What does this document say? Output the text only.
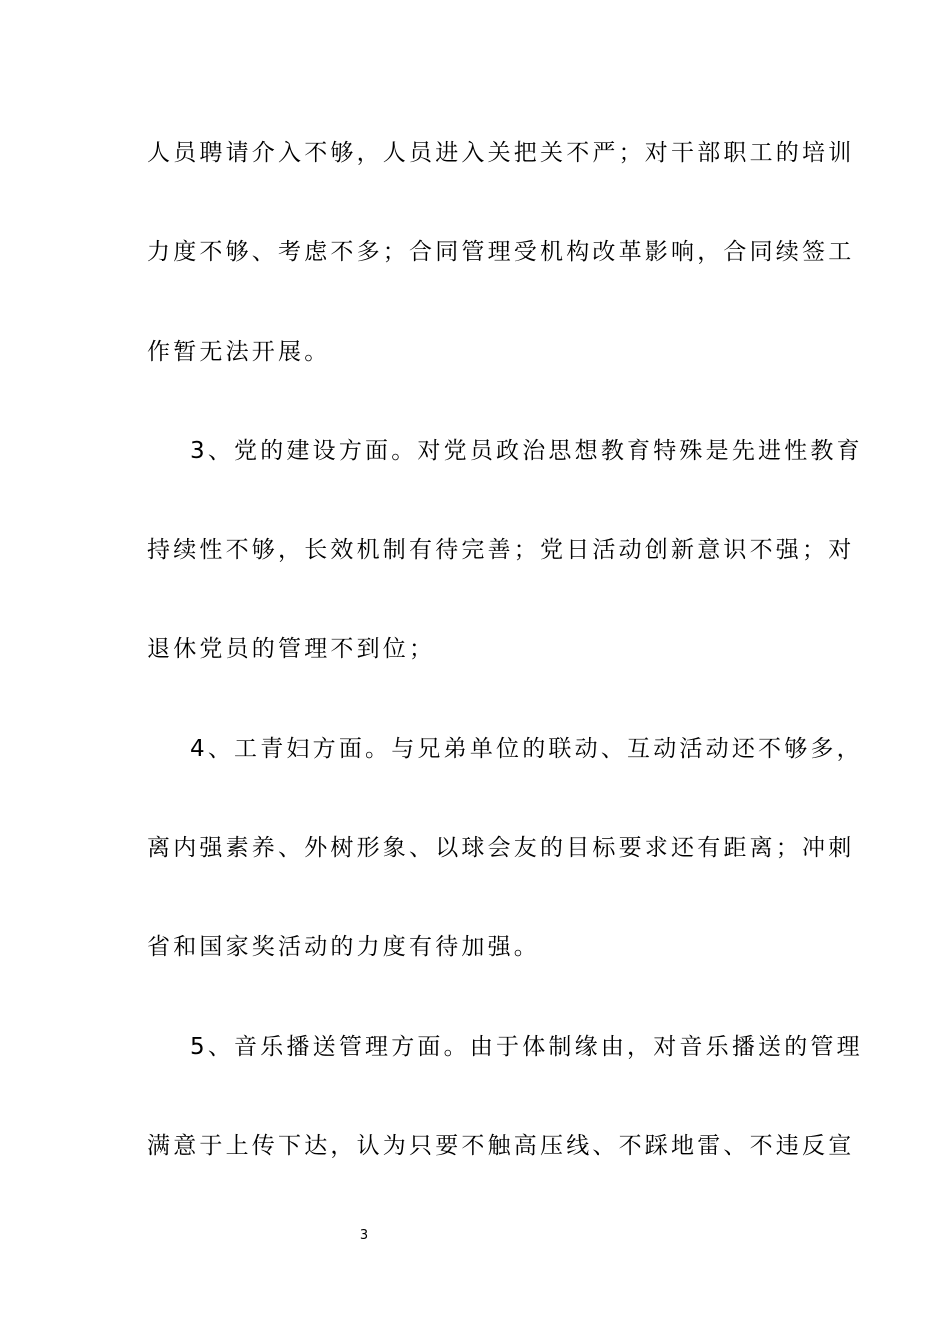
人员聘请介入不够，人员进入关把关不严；对干部职工的培训
力度不够、考虑不多；合同管理受机构改革影响，合同续签工
作暂无法开展。
3、党的建设方面。对党员政治思想教育特殊是先进性教育
持续性不够，长效机制有待完善；党日活动创新意识不强；对
退休党员的管理不到位；
4、工青妇方面。与兄弟单位的联动、互动活动还不够多，
离内强素养、外树形象、以球会友的目标要求还有距离；冲刺
省和国家奖活动的力度有待加强。
5、音乐播送管理方面。由于体制缘由，对音乐播送的管理
满意于上传下达，认为只要不触高压线、不踩地雷、不违反宣
3
